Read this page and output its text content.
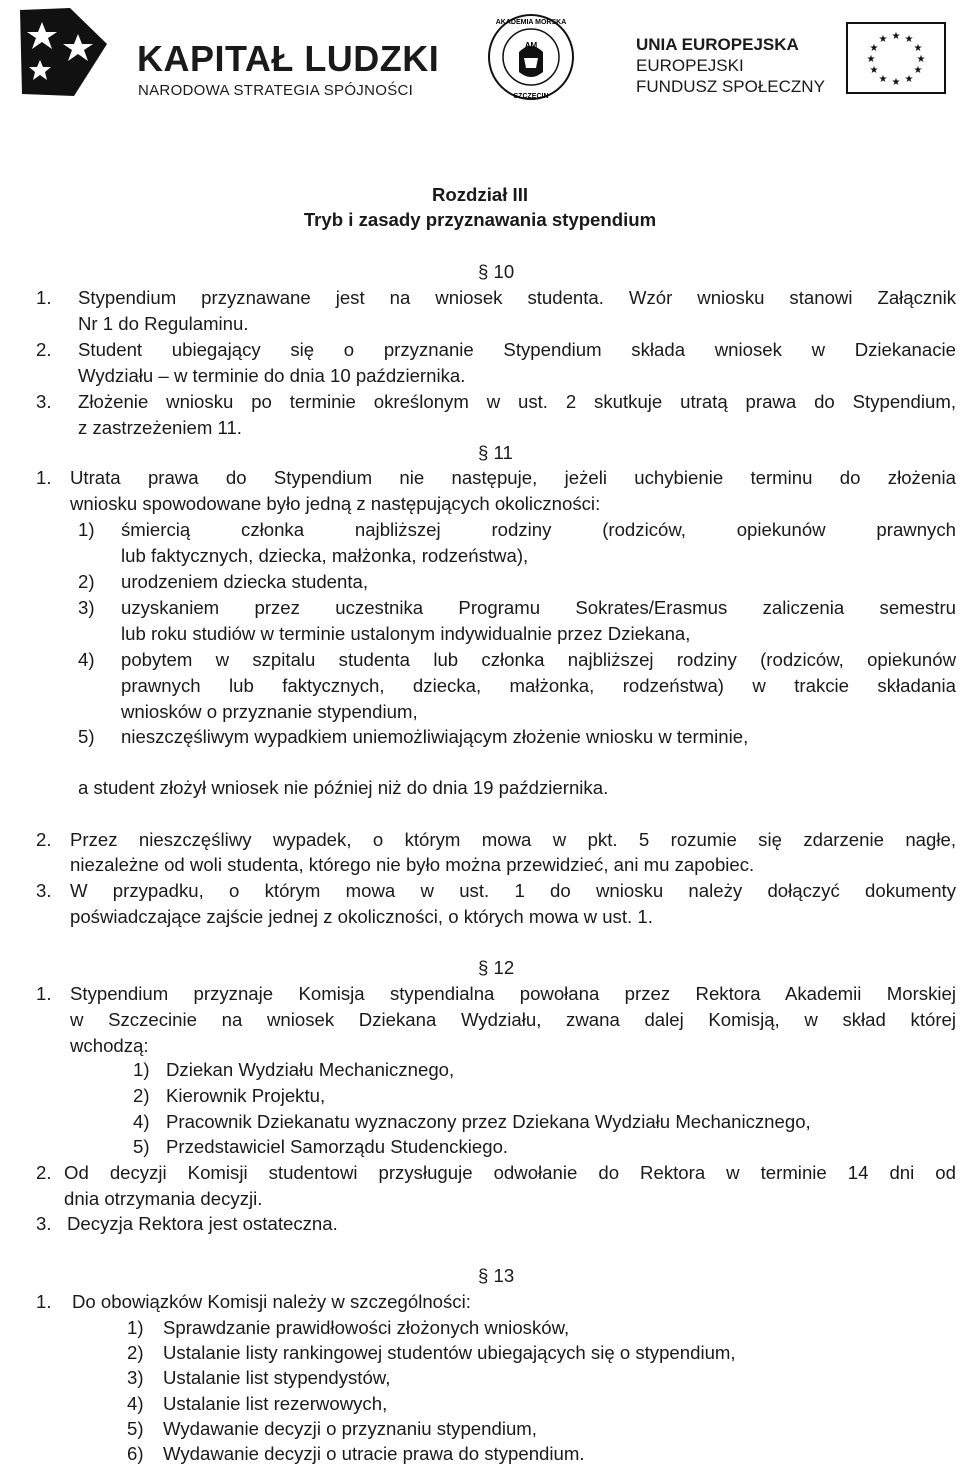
KAPITAŁ LUDZKI
NARODOWA STRATEGIA SPÓJNOŚCI
AM
AKADEMIA MORSKA
SZCZECIN
UNIA EUROPEJSKA
EUROPEJSKI
FUNDUSZ SPOŁECZNY
★ ★
★
★
★
★
★
★
★
★
★
★
Rozdział III
Tryb i zasady przyznawania stypendium
§ 10
1. Stypendium przyznawane jest na wniosek studenta. Wzór wniosku stanowi Załącznik
Nr 1 do Regulaminu.
2. Student ubiegający się o przyznanie Stypendium składa wniosek w Dziekanacie
Wydziału – w terminie do dnia 10 października.
3. Złożenie wniosku po terminie określonym w ust. 2 skutkuje utratą prawa do Stypendium,
z zastrzeżeniem 11.
§ 11
1. Utrata prawa do Stypendium nie następuje, jeżeli uchybienie terminu do złożenia
wniosku spowodowane było jedną z następujących okoliczności:
1) śmiercią członka najbliższej rodziny (rodziców, opiekunów prawnych
lub faktycznych, dziecka, małżonka, rodzeństwa),
2) urodzeniem dziecka studenta,
3) uzyskaniem przez uczestnika Programu Sokrates/Erasmus zaliczenia semestru
lub roku studiów w terminie ustalonym indywidualnie przez Dziekana,
4) pobytem w szpitalu studenta lub członka najbliższej rodziny (rodziców, opiekunów
prawnych lub faktycznych, dziecka, małżonka, rodzeństwa) w trakcie składania
wniosków o przyznanie stypendium,
5) nieszczęśliwym wypadkiem uniemożliwiającym złożenie wniosku w terminie,
a student złożył wniosek nie później niż do dnia 19 października.
2. Przez nieszczęśliwy wypadek, o którym mowa w pkt. 5 rozumie się zdarzenie nagłe,
niezależne od woli studenta, którego nie było można przewidzieć, ani mu zapobiec.
3. W przypadku, o którym mowa w ust. 1 do wniosku należy dołączyć dokumenty
poświadczające zajście jednej z okoliczności, o których mowa w ust. 1.
§ 12
1. Stypendium przyznaje Komisja stypendialna powołana przez Rektora Akademii Morskiej
w Szczecinie na wniosek Dziekana Wydziału, zwana dalej Komisją, w skład której
wchodzą:
1) Dziekan Wydziału Mechanicznego,
2) Kierownik Projektu,
4) Pracownik Dziekanatu wyznaczony przez Dziekana Wydziału Mechanicznego,
5) Przedstawiciel Samorządu Studenckiego.
2. Od decyzji Komisji studentowi przysługuje odwołanie do Rektora w terminie 14 dni od
dnia otrzymania decyzji.
3. Decyzja Rektora jest ostateczna.
§ 13
1. Do obowiązków Komisji należy w szczególności:
1) Sprawdzanie prawidłowości złożonych wniosków,
2) Ustalanie listy rankingowej studentów ubiegających się o stypendium,
3) Ustalanie list stypendystów,
4) Ustalanie list rezerwowych,
5) Wydawanie decyzji o przyznaniu stypendium,
6) Wydawanie decyzji o utracie prawa do stypendium.
